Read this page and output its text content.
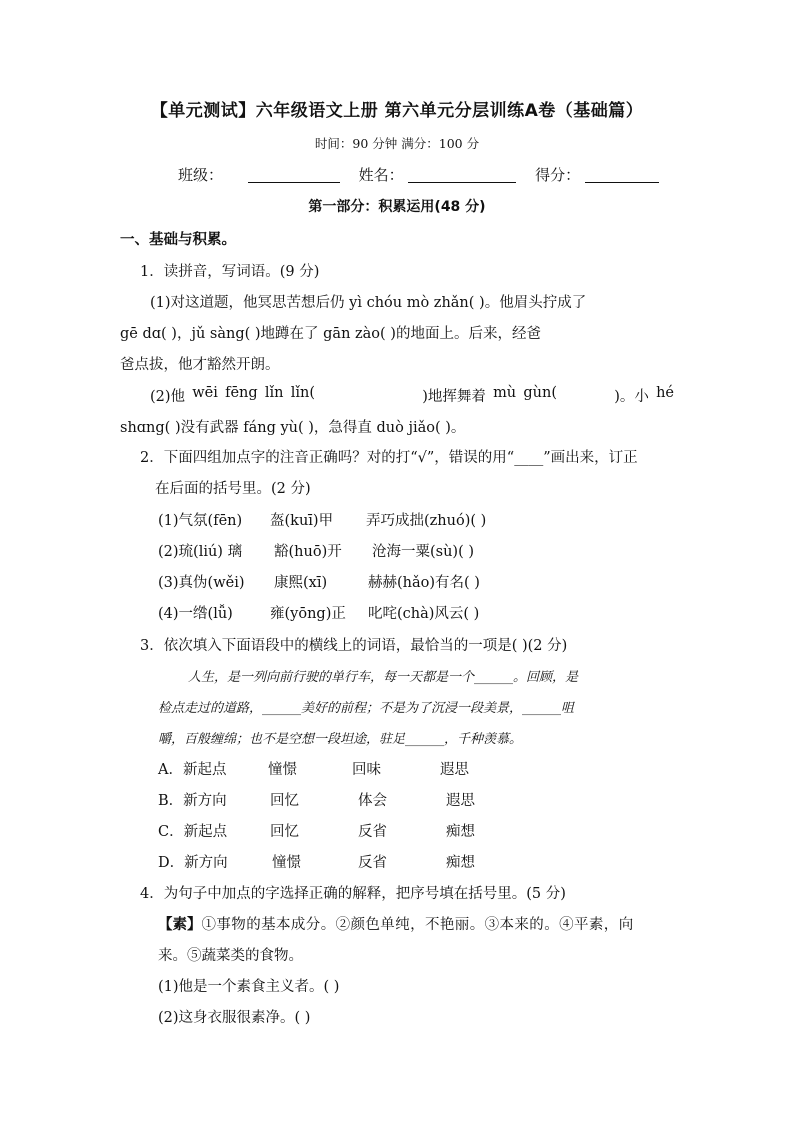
【单元测试】六年级语文上册 第六单元分层训练A卷（基础篇）
时间：90 分钟 满分：100 分
班级：	姓名：	得分：
第一部分：积累运用(48 分)
一、基础与积累。
1．读拼音，写词语。(9 分)
(1)对这道题，他冥思苦想后仍 yì chóu mò zhǎn( )。他眉头拧成了
gē dɑ( )，jǔ sàng( )地蹲在了 gān zào( )的地面上。后来，经爸
爸点拔，他才豁然开朗。
(2)他 wēi fēng lǐn lǐn(	)地挥舞着 mù gùn(	)。小 hé
shɑng( )没有武器 fáng yù( )，急得直 duò jiǎo( )。
2．下面四组加点字的注音正确吗？对的打“√”，错误的用“____”画出来，订正
在后面的括号里。(2 分)
(1)气氛(fēn) 盔(kuī)甲 弄巧成拙(zhuó)( )
(2)琉(liú) 璃 豁(huō)开 沧海一粟(sù)( )
(3)真伪(wěi) 康熙(xī)	赫赫(hǎo)有名( )
(4)一绺(lǚ)	雍(yōng)正 叱咤(chà)风云( )
3．依次填入下面语段中的横线上的词语，最恰当的一项是( )(2 分)
人生，是一列向前行驶的单行车，每一天都是一个______。回顾，是
检点走过的道路，______美好的前程；不是为了沉浸一段美景，______咀
嚼，百般缠绵；也不是空想一段坦途，驻足______，千种羡慕。
A．新起点	憧憬	回味	遐思
B．新方向	回忆	体会	遐思
C．新起点	回忆	反省	痴想
D．新方向	憧憬	反省	痴想
4．为句子中加点的字选择正确的解释，把序号填在括号里。(5 分)
【素】①事物的基本成分。②颜色单纯，不艳丽。③本来的。④平素，向
来。⑤蔬菜类的食物。
(1)他是一个素食主义者。( )
(2)这身衣服很素净。( )
